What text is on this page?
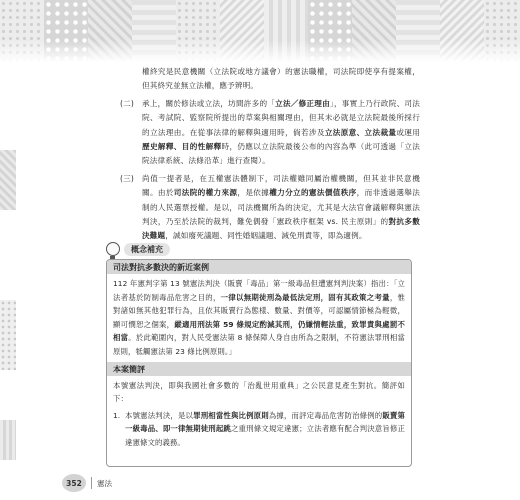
權終究是民意機關（立法院或地方議會）的憲法職權，司法院即使享有提案權，但其終究並無立法權，應予辨明。

(二) 承上，關於修法或立法，坊間許多的「立法／修正理由」，事實上乃行政院、司法院、考試院、監察院所提出的草案與相關理由，但其未必就是立法院最後所採行的立法理由。在從事法律的解釋與適用時，倘若涉及立法原意、立法裁量或運用歷史解釋、目的性解釋時，仍應以立法院最後公布的內容為準（此可透過「立法院法律系統、法條沿革」進行查閱）。

(三) 尚值一提者是，在五權憲法體制下，司法權雖同屬治權機關，但其並非民意機關。由於司法院的權力來源，是依據權力分立的憲法價值秩序，而非透過選舉法制的人民選票授權。是以，司法機關所為的決定，尤其是大法官會議解釋與憲法判決，乃至於法院的裁判，難免偶發「憲政秩序框架 vs. 民主原則」的對抗多數決難題，誠如廢死議題、同性婚姻議題、減免刑責等，即為適例。

概念補充
司法對抗多數決的新近案例

112 年憲判字第 13 號憲法判決（販賣「毒品」第一級毒品但遭憲判判決案）指出：「立法者基於防制毒品危害之目的，一律以無期徒刑為最低法定刑，固有其政策之考量，惟對諸如無其他犯罪行為，且依其販賣行為態樣、數量、對價等，可認屬情節極為輕微，顯可憫恕之個案，縱適用刑法第 59 條規定酌減其刑，仍嫌情輕法重，致罪責與處罰不相當。於此範圍內，對人民受憲法第 8 條保障人身自由所為之限制，不符憲法罪刑相當原則，牴觸憲法第 23 條比例原則。」

本案簡評

本號憲法判決，即與我國社會多數的「治亂世用重典」之公民意見產生對抗。簡評如下：

1. 本號憲法判決，是以罪刑相當性與比例原則為據，而評定毒品危害防治條例的販賣第一級毒品、即一律無期徒刑起跳之重刑條文規定違憲；立法者應有配合判決意旨修正違憲條文的義務。

352	憲法
